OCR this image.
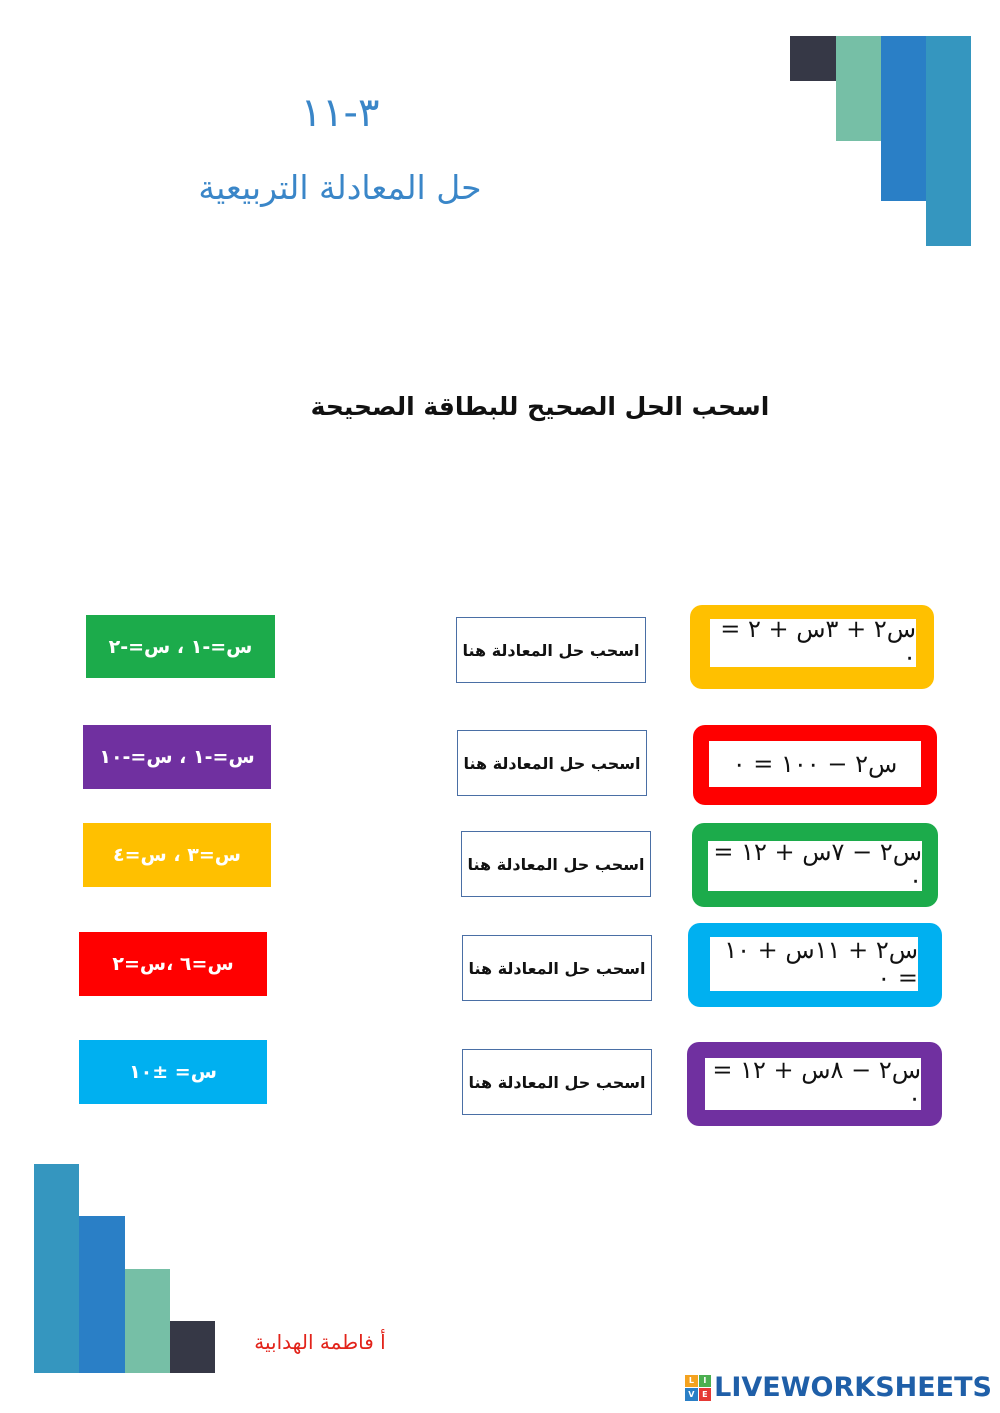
٣-١١
حل المعادلة التربيعية
اسحب الحل الصحيح للبطاقة الصحيحة
س=-١ ، س=-٢
س=-١ ، س=-١٠
س=٣ ، س=٤
س=٦ ،س=٢
س= ±١٠
اسحب حل المعادلة هنا
اسحب حل المعادلة هنا
اسحب حل المعادلة هنا
اسحب حل المعادلة هنا
اسحب حل المعادلة هنا
س٢ + ٣س + ٢ = ٠
س٢ − ١٠٠ = ٠
س٢ − ٧س + ١٢ = ٠
س٢ + ١١س + ١٠ = ٠
س٢ − ٨س + ١٢ = ٠
أ فاطمة الهدابية
L	I
V E LIVEWORKSHEETS
